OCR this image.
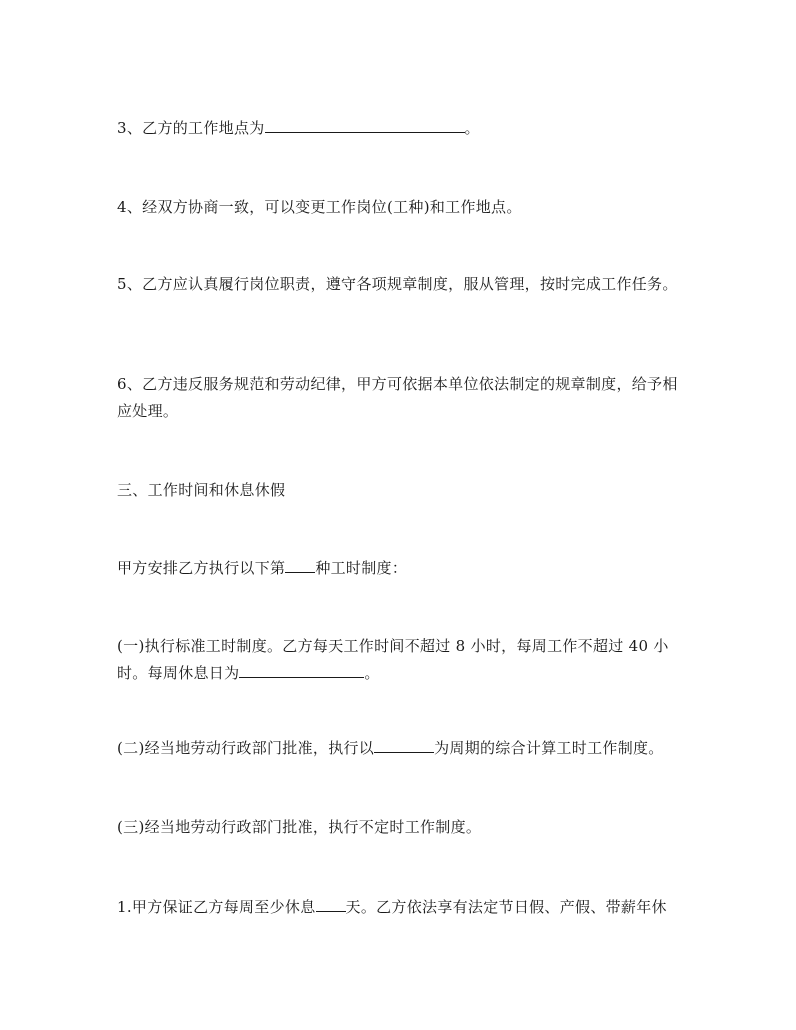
3、乙方的工作地点为	。

4、经双方协商一致，可以变更工作岗位(工种)和工作地点。

5、乙方应认真履行岗位职责，遵守各项规章制度，服从管理，按时完成工作任务。

6、乙方违反服务规范和劳动纪律，甲方可依据本单位依法制定的规章制度，给予相应处理。

三、工作时间和休息休假

甲方安排乙方执行以下第 种工时制度：

(一)执行标准工时制度。乙方每天工作时间不超过 8 小时，每周工作不超过 40 小时。每周休息日为	。

(二)经当地劳动行政部门批准，执行以	为周期的综合计算工时工作制度。

(三)经当地劳动行政部门批准，执行不定时工作制度。

1.甲方保证乙方每周至少休息 天。乙方依法享有法定节日假、产假、带薪年休
